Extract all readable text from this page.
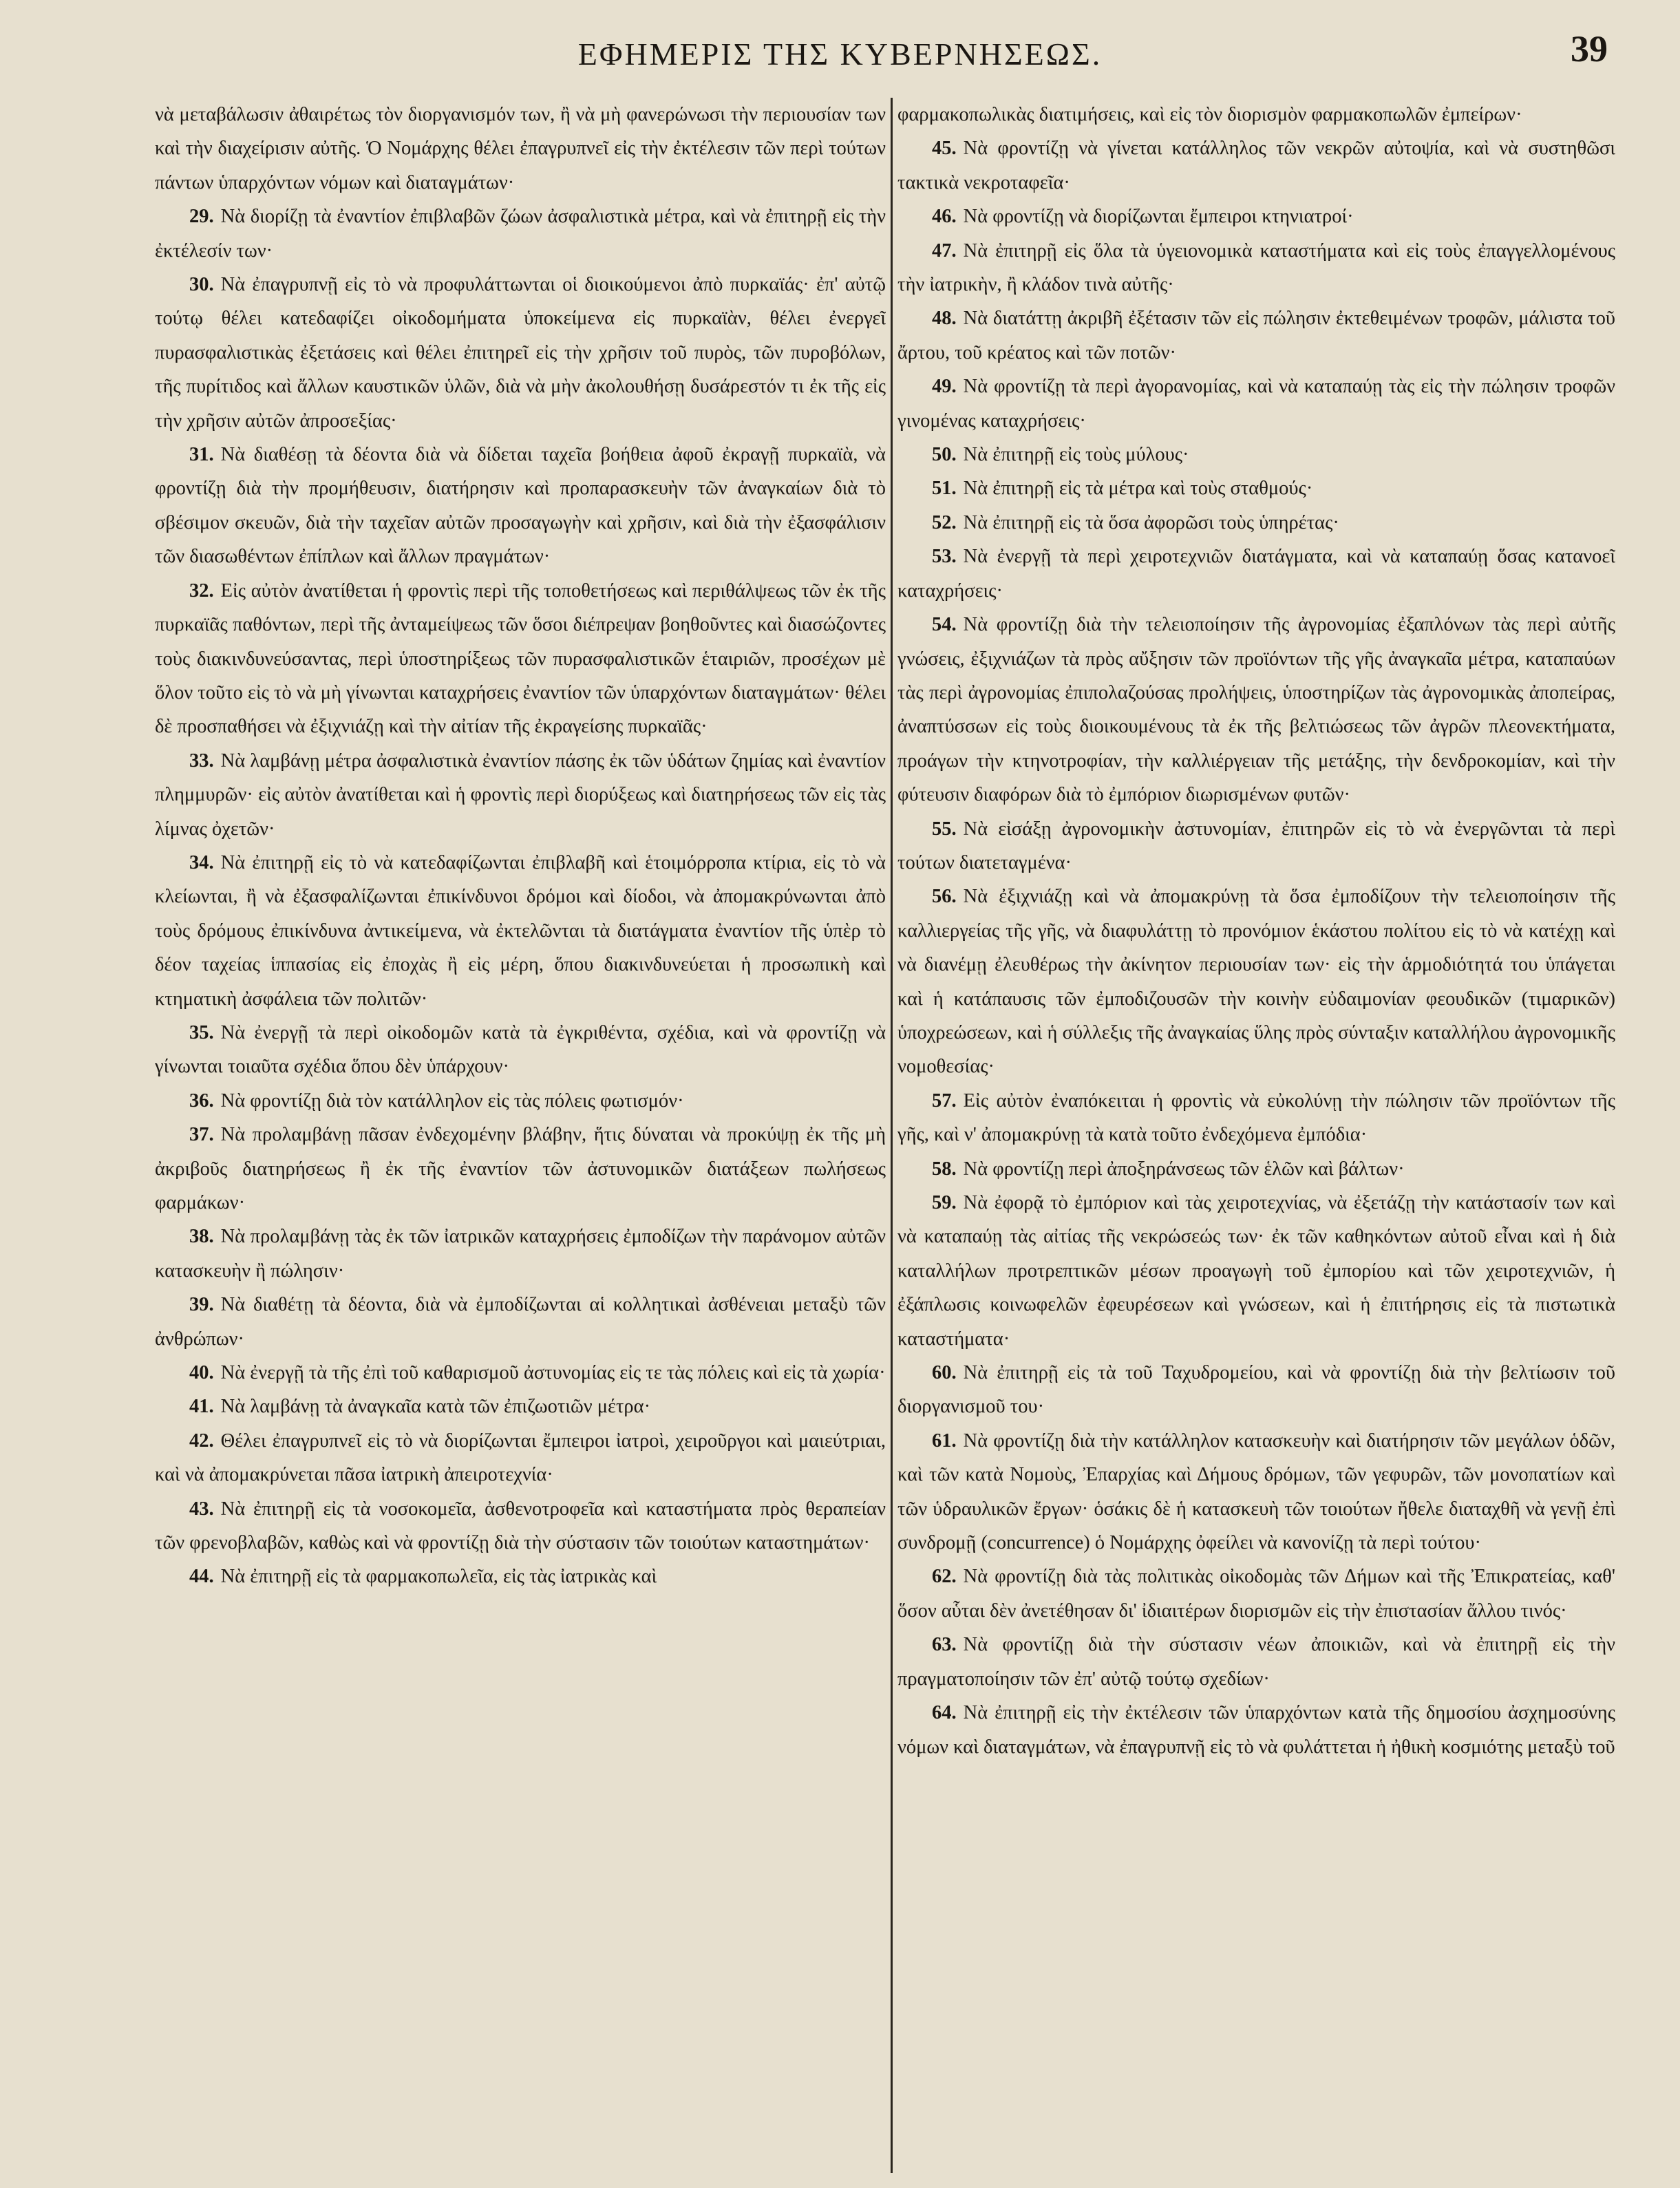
ΕΦΗΜΕΡΙΣ ΤΗΣ ΚΥΒΕΡΝΗΣΕΩΣ.	39

νὰ μεταβάλωσιν ἀθαιρέτως τὸν διοργανισμόν των, ἢ νὰ μὴ φανερώνωσι τὴν περιουσίαν των καὶ τὴν διαχείρισιν αὐτῆς. Ὁ Νομάρχης θέλει ἐπαγρυπνεῖ εἰς τὴν ἐκτέλεσιν τῶν περὶ τούτων πάντων ὑπαρχόντων νόμων καὶ διαταγμάτων·

29. Νὰ διορίζῃ τὰ ἐναντίον ἐπιβλαβῶν ζώων ἀσφαλιστικὰ μέτρα, καὶ νὰ ἐπιτηρῇ εἰς τὴν ἐκτέλεσίν των·

30. Νὰ ἐπαγρυπνῇ εἰς τὸ νὰ προφυλάττωνται οἱ διοικούμενοι ἀπὸ πυρκαϊάς· ἐπ' αὐτῷ τούτῳ θέλει κατεδαφίζει οἰκοδομήματα ὑποκείμενα εἰς πυρκαϊὰν, θέλει ἐνεργεῖ πυρασφαλιστικὰς ἐξετάσεις καὶ θέλει ἐπιτηρεῖ εἰς τὴν χρῆσιν τοῦ πυρὸς, τῶν πυροβόλων, τῆς πυρίτιδος καὶ ἄλλων καυστικῶν ὑλῶν, διὰ νὰ μὴν ἀκολουθήσῃ δυσάρεστόν τι ἐκ τῆς εἰς τὴν χρῆσιν αὐτῶν ἀπροσεξίας·

31. Νὰ διαθέσῃ τὰ δέοντα διὰ νὰ δίδεται ταχεῖα βοήθεια ἀφοῦ ἐκραγῇ πυρκαϊὰ, νὰ φροντίζῃ διὰ τὴν προμήθευσιν, διατήρησιν καὶ προπαρασκευὴν τῶν ἀναγκαίων διὰ τὸ σβέσιμον σκευῶν, διὰ τὴν ταχεῖαν αὐτῶν προσαγωγὴν καὶ χρῆσιν, καὶ διὰ τὴν ἐξασφάλισιν τῶν διασωθέντων ἐπίπλων καὶ ἄλλων πραγμάτων·

32. Εἰς αὐτὸν ἀνατίθεται ἡ φροντὶς περὶ τῆς τοποθετήσεως καὶ περιθάλψεως τῶν ἐκ τῆς πυρκαϊᾶς παθόντων, περὶ τῆς ἀνταμείψεως τῶν ὅσοι διέπρεψαν βοηθοῦντες καὶ διασώζοντες τοὺς διακινδυνεύσαντας, περὶ ὑποστηρίξεως τῶν πυρασφαλιστικῶν ἑταιριῶν, προσέχων μὲ ὅλον τοῦτο εἰς τὸ νὰ μὴ γίνωνται καταχρήσεις ἐναντίον τῶν ὑπαρχόντων διαταγμάτων· θέλει δὲ προσπαθήσει νὰ ἐξιχνιάζῃ καὶ τὴν αἰτίαν τῆς ἐκραγείσης πυρκαϊᾶς·

33. Νὰ λαμβάνῃ μέτρα ἀσφαλιστικὰ ἐναντίον πάσης ἐκ τῶν ὑδάτων ζημίας καὶ ἐναντίον πλημμυρῶν· εἰς αὐτὸν ἀνατίθεται καὶ ἡ φροντὶς περὶ διορύξεως καὶ διατηρήσεως τῶν εἰς τὰς λίμνας ὀχετῶν·

34. Νὰ ἐπιτηρῇ εἰς τὸ νὰ κατεδαφίζωνται ἐπιβλαβῆ καὶ ἑτοιμόρροπα κτίρια, εἰς τὸ νὰ κλείωνται, ἢ νὰ ἐξασφαλίζωνται ἐπικίνδυνοι δρόμοι καὶ δίοδοι, νὰ ἀπομακρύνωνται ἀπὸ τοὺς δρόμους ἐπικίνδυνα ἀντικείμενα, νὰ ἐκτελῶνται τὰ διατάγματα ἐναντίον τῆς ὑπὲρ τὸ δέον ταχείας ἱππασίας εἰς ἐποχὰς ἢ εἰς μέρη, ὅπου διακινδυνεύεται ἡ προσωπικὴ καὶ κτηματικὴ ἀσφάλεια τῶν πολιτῶν·

35. Νὰ ἐνεργῇ τὰ περὶ οἰκοδομῶν κατὰ τὰ ἐγκριθέντα, σχέδια, καὶ νὰ φροντίζῃ νὰ γίνωνται τοιαῦτα σχέδια ὅπου δὲν ὑπάρχουν·

36. Νὰ φροντίζῃ διὰ τὸν κατάλληλον εἰς τὰς πόλεις φωτισμόν·

37. Νὰ προλαμβάνῃ πᾶσαν ἐνδεχομένην βλάβην, ἥτις δύναται νὰ προκύψῃ ἐκ τῆς μὴ ἀκριβοῦς διατηρήσεως ἢ ἐκ τῆς ἐναντίον τῶν ἀστυνομικῶν διατάξεων πωλήσεως φαρμάκων·

38. Νὰ προλαμβάνῃ τὰς ἐκ τῶν ἰατρικῶν καταχρήσεις ἐμποδίζων τὴν παράνομον αὐτῶν κατασκευὴν ἢ πώλησιν·

39. Νὰ διαθέτῃ τὰ δέοντα, διὰ νὰ ἐμποδίζωνται αἱ κολλητικαὶ ἀσθένειαι μεταξὺ τῶν ἀνθρώπων·

40. Νὰ ἐνεργῇ τὰ τῆς ἐπὶ τοῦ καθαρισμοῦ ἀστυνομίας εἰς τε τὰς πόλεις καὶ εἰς τὰ χωρία·

41. Νὰ λαμβάνῃ τὰ ἀναγκαῖα κατὰ τῶν ἐπιζωοτιῶν μέτρα·

42. Θέλει ἐπαγρυπνεῖ εἰς τὸ νὰ διορίζωνται ἔμπειροι ἰατροὶ, χειροῦργοι καὶ μαιεύτριαι, καὶ νὰ ἀπομακρύνεται πᾶσα ἰατρικὴ ἀπειροτεχνία·

43. Νὰ ἐπιτηρῇ εἰς τὰ νοσοκομεῖα, ἀσθενοτροφεῖα καὶ καταστήματα πρὸς θεραπείαν τῶν φρενοβλαβῶν, καθὼς καὶ νὰ φροντίζῃ διὰ τὴν σύστασιν τῶν τοιούτων καταστημάτων·

44. Νὰ ἐπιτηρῇ εἰς τὰ φαρμακοπωλεῖα, εἰς τὰς ἰατρικὰς καὶ

φαρμακοπωλικὰς διατιμήσεις, καὶ εἰς τὸν διορισμὸν φαρμακοπωλῶν ἐμπείρων·

45. Νὰ φροντίζῃ νὰ γίνεται κατάλληλος τῶν νεκρῶν αὐτοψία, καὶ νὰ συστηθῶσι τακτικὰ νεκροταφεῖα·

46. Νὰ φροντίζῃ νὰ διορίζωνται ἔμπειροι κτηνιατροί·

47. Νὰ ἐπιτηρῇ εἰς ὅλα τὰ ὑγειονομικὰ καταστήματα καὶ εἰς τοὺς ἐπαγγελλομένους τὴν ἰατρικὴν, ἢ κλάδον τινὰ αὐτῆς·

48. Νὰ διατάττῃ ἀκριβῆ ἐξέτασιν τῶν εἰς πώλησιν ἐκτεθειμένων τροφῶν, μάλιστα τοῦ ἄρτου, τοῦ κρέατος καὶ τῶν ποτῶν·

49. Νὰ φροντίζῃ τὰ περὶ ἀγορανομίας, καὶ νὰ καταπαύῃ τὰς εἰς τὴν πώλησιν τροφῶν γινομένας καταχρήσεις·

50. Νὰ ἐπιτηρῇ εἰς τοὺς μύλους·

51. Νὰ ἐπιτηρῇ εἰς τὰ μέτρα καὶ τοὺς σταθμούς·

52. Νὰ ἐπιτηρῇ εἰς τὰ ὅσα ἀφορῶσι τοὺς ὑπηρέτας·

53. Νὰ ἐνεργῇ τὰ περὶ χειροτεχνιῶν διατάγματα, καὶ νὰ καταπαύῃ ὅσας κατανοεῖ καταχρήσεις·

54. Νὰ φροντίζῃ διὰ τὴν τελειοποίησιν τῆς ἀγρονομίας ἐξαπλόνων τὰς περὶ αὐτῆς γνώσεις, ἐξιχνιάζων τὰ πρὸς αὔξησιν τῶν προϊόντων τῆς γῆς ἀναγκαῖα μέτρα, καταπαύων τὰς περὶ ἀγρονομίας ἐπιπολαζούσας προλήψεις, ὑποστηρίζων τὰς ἀγρονομικὰς ἀποπείρας, ἀναπτύσσων εἰς τοὺς διοικουμένους τὰ ἐκ τῆς βελτιώσεως τῶν ἀγρῶν πλεονεκτήματα, προάγων τὴν κτηνοτροφίαν, τὴν καλλιέργειαν τῆς μετάξης, τὴν δενδροκομίαν, καὶ τὴν φύτευσιν διαφόρων διὰ τὸ ἐμπόριον διωρισμένων φυτῶν·

55. Νὰ εἰσάξῃ ἀγρονομικὴν ἀστυνομίαν, ἐπιτηρῶν εἰς τὸ νὰ ἐνεργῶνται τὰ περὶ τούτων διατεταγμένα·

56. Νὰ ἐξιχνιάζῃ καὶ νὰ ἀπομακρύνῃ τὰ ὅσα ἐμποδίζουν τὴν τελειοποίησιν τῆς καλλιεργείας τῆς γῆς, νὰ διαφυλάττῃ τὸ προνόμιον ἑκάστου πολίτου εἰς τὸ νὰ κατέχῃ καὶ νὰ διανέμῃ ἐλευθέρως τὴν ἀκίνητον περιουσίαν των· εἰς τὴν ἁρμοδιότητά του ὑπάγεται καὶ ἡ κατάπαυσις τῶν ἐμποδιζουσῶν τὴν κοινὴν εὐδαιμονίαν φεουδικῶν (τιμαρικῶν) ὑποχρεώσεων, καὶ ἡ σύλλεξις τῆς ἀναγκαίας ὕλης πρὸς σύνταξιν καταλλήλου ἀγρονομικῆς νομοθεσίας·

57. Εἰς αὐτὸν ἐναπόκειται ἡ φροντὶς νὰ εὐκολύνῃ τὴν πώλησιν τῶν προϊόντων τῆς γῆς, καὶ ν' ἀπομακρύνῃ τὰ κατὰ τοῦτο ἐνδεχόμενα ἐμπόδια·

58. Νὰ φροντίζῃ περὶ ἀποξηράνσεως τῶν ἑλῶν καὶ βάλτων·

59. Νὰ ἐφορᾷ τὸ ἐμπόριον καὶ τὰς χειροτεχνίας, νὰ ἐξετάζῃ τὴν κατάστασίν των καὶ νὰ καταπαύῃ τὰς αἰτίας τῆς νεκρώσεώς των· ἐκ τῶν καθηκόντων αὐτοῦ εἶναι καὶ ἡ διὰ καταλλήλων προτρεπτικῶν μέσων προαγωγὴ τοῦ ἐμπορίου καὶ τῶν χειροτεχνιῶν, ἡ ἐξάπλωσις κοινωφελῶν ἐφευρέσεων καὶ γνώσεων, καὶ ἡ ἐπιτήρησις εἰς τὰ πιστωτικὰ καταστήματα·

60. Νὰ ἐπιτηρῇ εἰς τὰ τοῦ Ταχυδρομείου, καὶ νὰ φροντίζῃ διὰ τὴν βελτίωσιν τοῦ διοργανισμοῦ του·

61. Νὰ φροντίζῃ διὰ τὴν κατάλληλον κατασκευὴν καὶ διατήρησιν τῶν μεγάλων ὁδῶν, καὶ τῶν κατὰ Νομοὺς, Ἐπαρχίας καὶ Δήμους δρόμων, τῶν γεφυρῶν, τῶν μονοπατίων καὶ τῶν ὑδραυλικῶν ἔργων· ὁσάκις δὲ ἡ κατασκευὴ τῶν τοιούτων ἤθελε διαταχθῆ νὰ γενῇ ἐπὶ συνδρομῇ (concurrence) ὁ Νομάρχης ὀφείλει νὰ κανονίζῃ τὰ περὶ τούτου·

62. Νὰ φροντίζῃ διὰ τὰς πολιτικὰς οἰκοδομὰς τῶν Δήμων καὶ τῆς Ἐπικρατείας, καθ' ὅσον αὗται δὲν ἀνετέθησαν δι' ἰδιαιτέρων διορισμῶν εἰς τὴν ἐπιστασίαν ἄλλου τινός·

63. Νὰ φροντίζῃ διὰ τὴν σύστασιν νέων ἀποικιῶν, καὶ νὰ ἐπιτηρῇ εἰς τὴν πραγματοποίησιν τῶν ἐπ' αὐτῷ τούτῳ σχεδίων·

64. Νὰ ἐπιτηρῇ εἰς τὴν ἐκτέλεσιν τῶν ὑπαρχόντων κατὰ τῆς δημοσίου ἀσχημοσύνης νόμων καὶ διαταγμάτων, νὰ ἐπαγρυπνῇ εἰς τὸ νὰ φυλάττεται ἡ ἠθικὴ κοσμιότης μεταξὺ τοῦ
